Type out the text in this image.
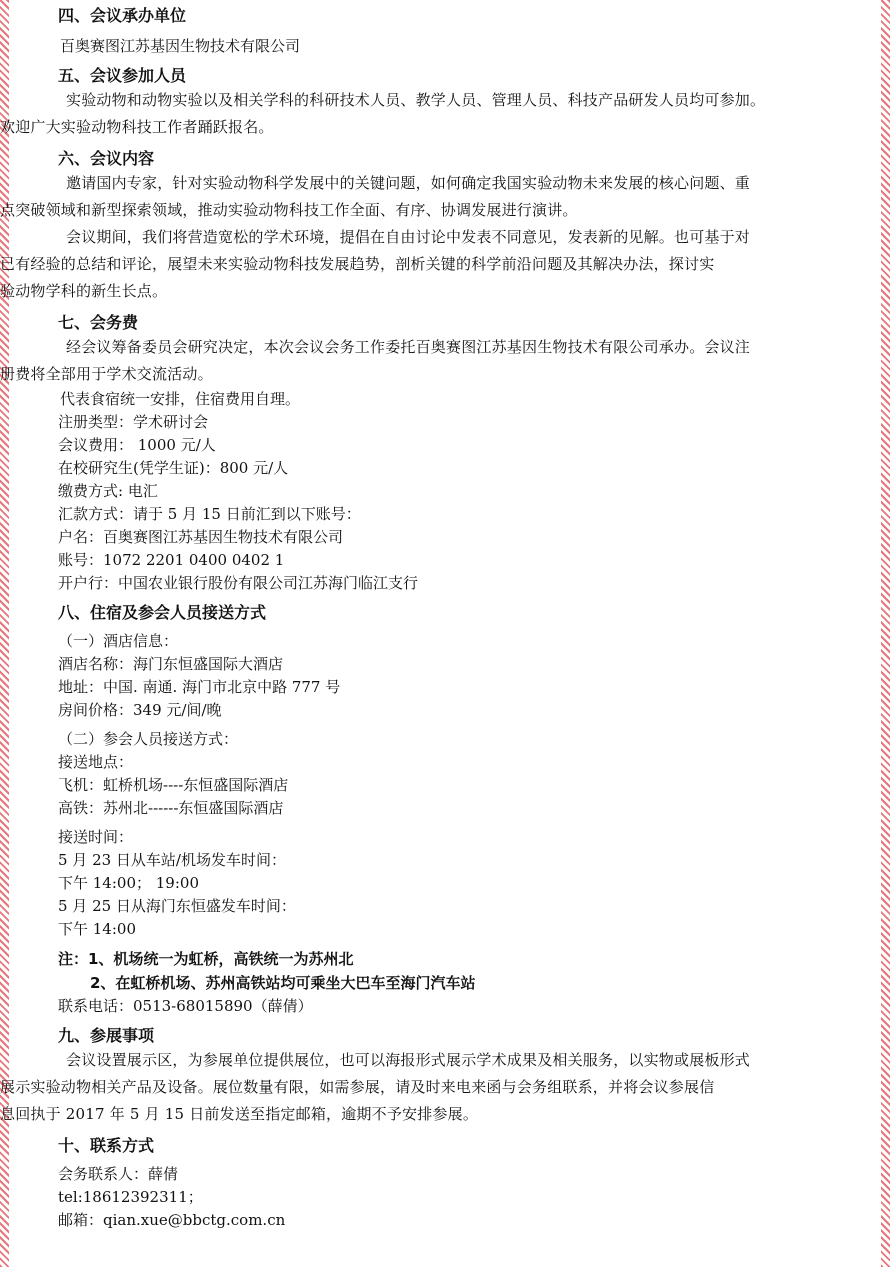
四、会议承办单位
百奥赛图江苏基因生物技术有限公司
五、会议参加人员
实验动物和动物实验以及相关学科的科研技术人员、教学人员、管理人员、科技产品研发人员均可参加。
欢迎广大实验动物科技工作者踊跃报名。
六、会议内容
邀请国内专家，针对实验动物科学发展中的关键问题，如何确定我国实验动物未来发展的核心问题、重
点突破领域和新型探索领域，推动实验动物科技工作全面、有序、协调发展进行演讲。
会议期间，我们将营造宽松的学术环境，提倡在自由讨论中发表不同意见，发表新的见解。也可基于对
已有经验的总结和评论，展望未来实验动物科技发展趋势，剖析关键的科学前沿问题及其解决办法，探讨实
验动物学科的新生长点。
七、会务费
经会议筹备委员会研究决定，本次会议会务工作委托百奥赛图江苏基因生物技术有限公司承办。会议注
册费将全部用于学术交流活动。
代表食宿统一安排，住宿费用自理。
注册类型：学术研讨会
会议费用： 1000 元/人
在校研究生(凭学生证)：800 元/人
缴费方式: 电汇
汇款方式：请于 5 月 15 日前汇到以下账号：
户名：百奥赛图江苏基因生物技术有限公司
账号：1072 2201 0400 0402 1
开户行：中国农业银行股份有限公司江苏海门临江支行
八、住宿及参会人员接送方式
（一）酒店信息：
酒店名称：海门东恒盛国际大酒店
地址：中国. 南通. 海门市北京中路 777 号
房间价格：349 元/间/晚
（二）参会人员接送方式：
接送地点：
飞机：虹桥机场----东恒盛国际酒店
高铁：苏州北------东恒盛国际酒店
接送时间：
5 月 23 日从车站/机场发车时间：
下午 14:00； 19:00
5 月 25 日从海门东恒盛发车时间：
下午 14:00
注：1、机场统一为虹桥，高铁统一为苏州北
2、在虹桥机场、苏州高铁站均可乘坐大巴车至海门汽车站
联系电话：0513-68015890（薛倩）
九、参展事项
会议设置展示区，为参展单位提供展位，也可以海报形式展示学术成果及相关服务，以实物或展板形式
展示实验动物相关产品及设备。展位数量有限，如需参展，请及时来电来函与会务组联系，并将会议参展信
息回执于 2017 年 5 月 15 日前发送至指定邮箱，逾期不予安排参展。
十、联系方式
会务联系人：薛倩
tel:18612392311；
邮箱：qian.xue@bbctg.com.cn
